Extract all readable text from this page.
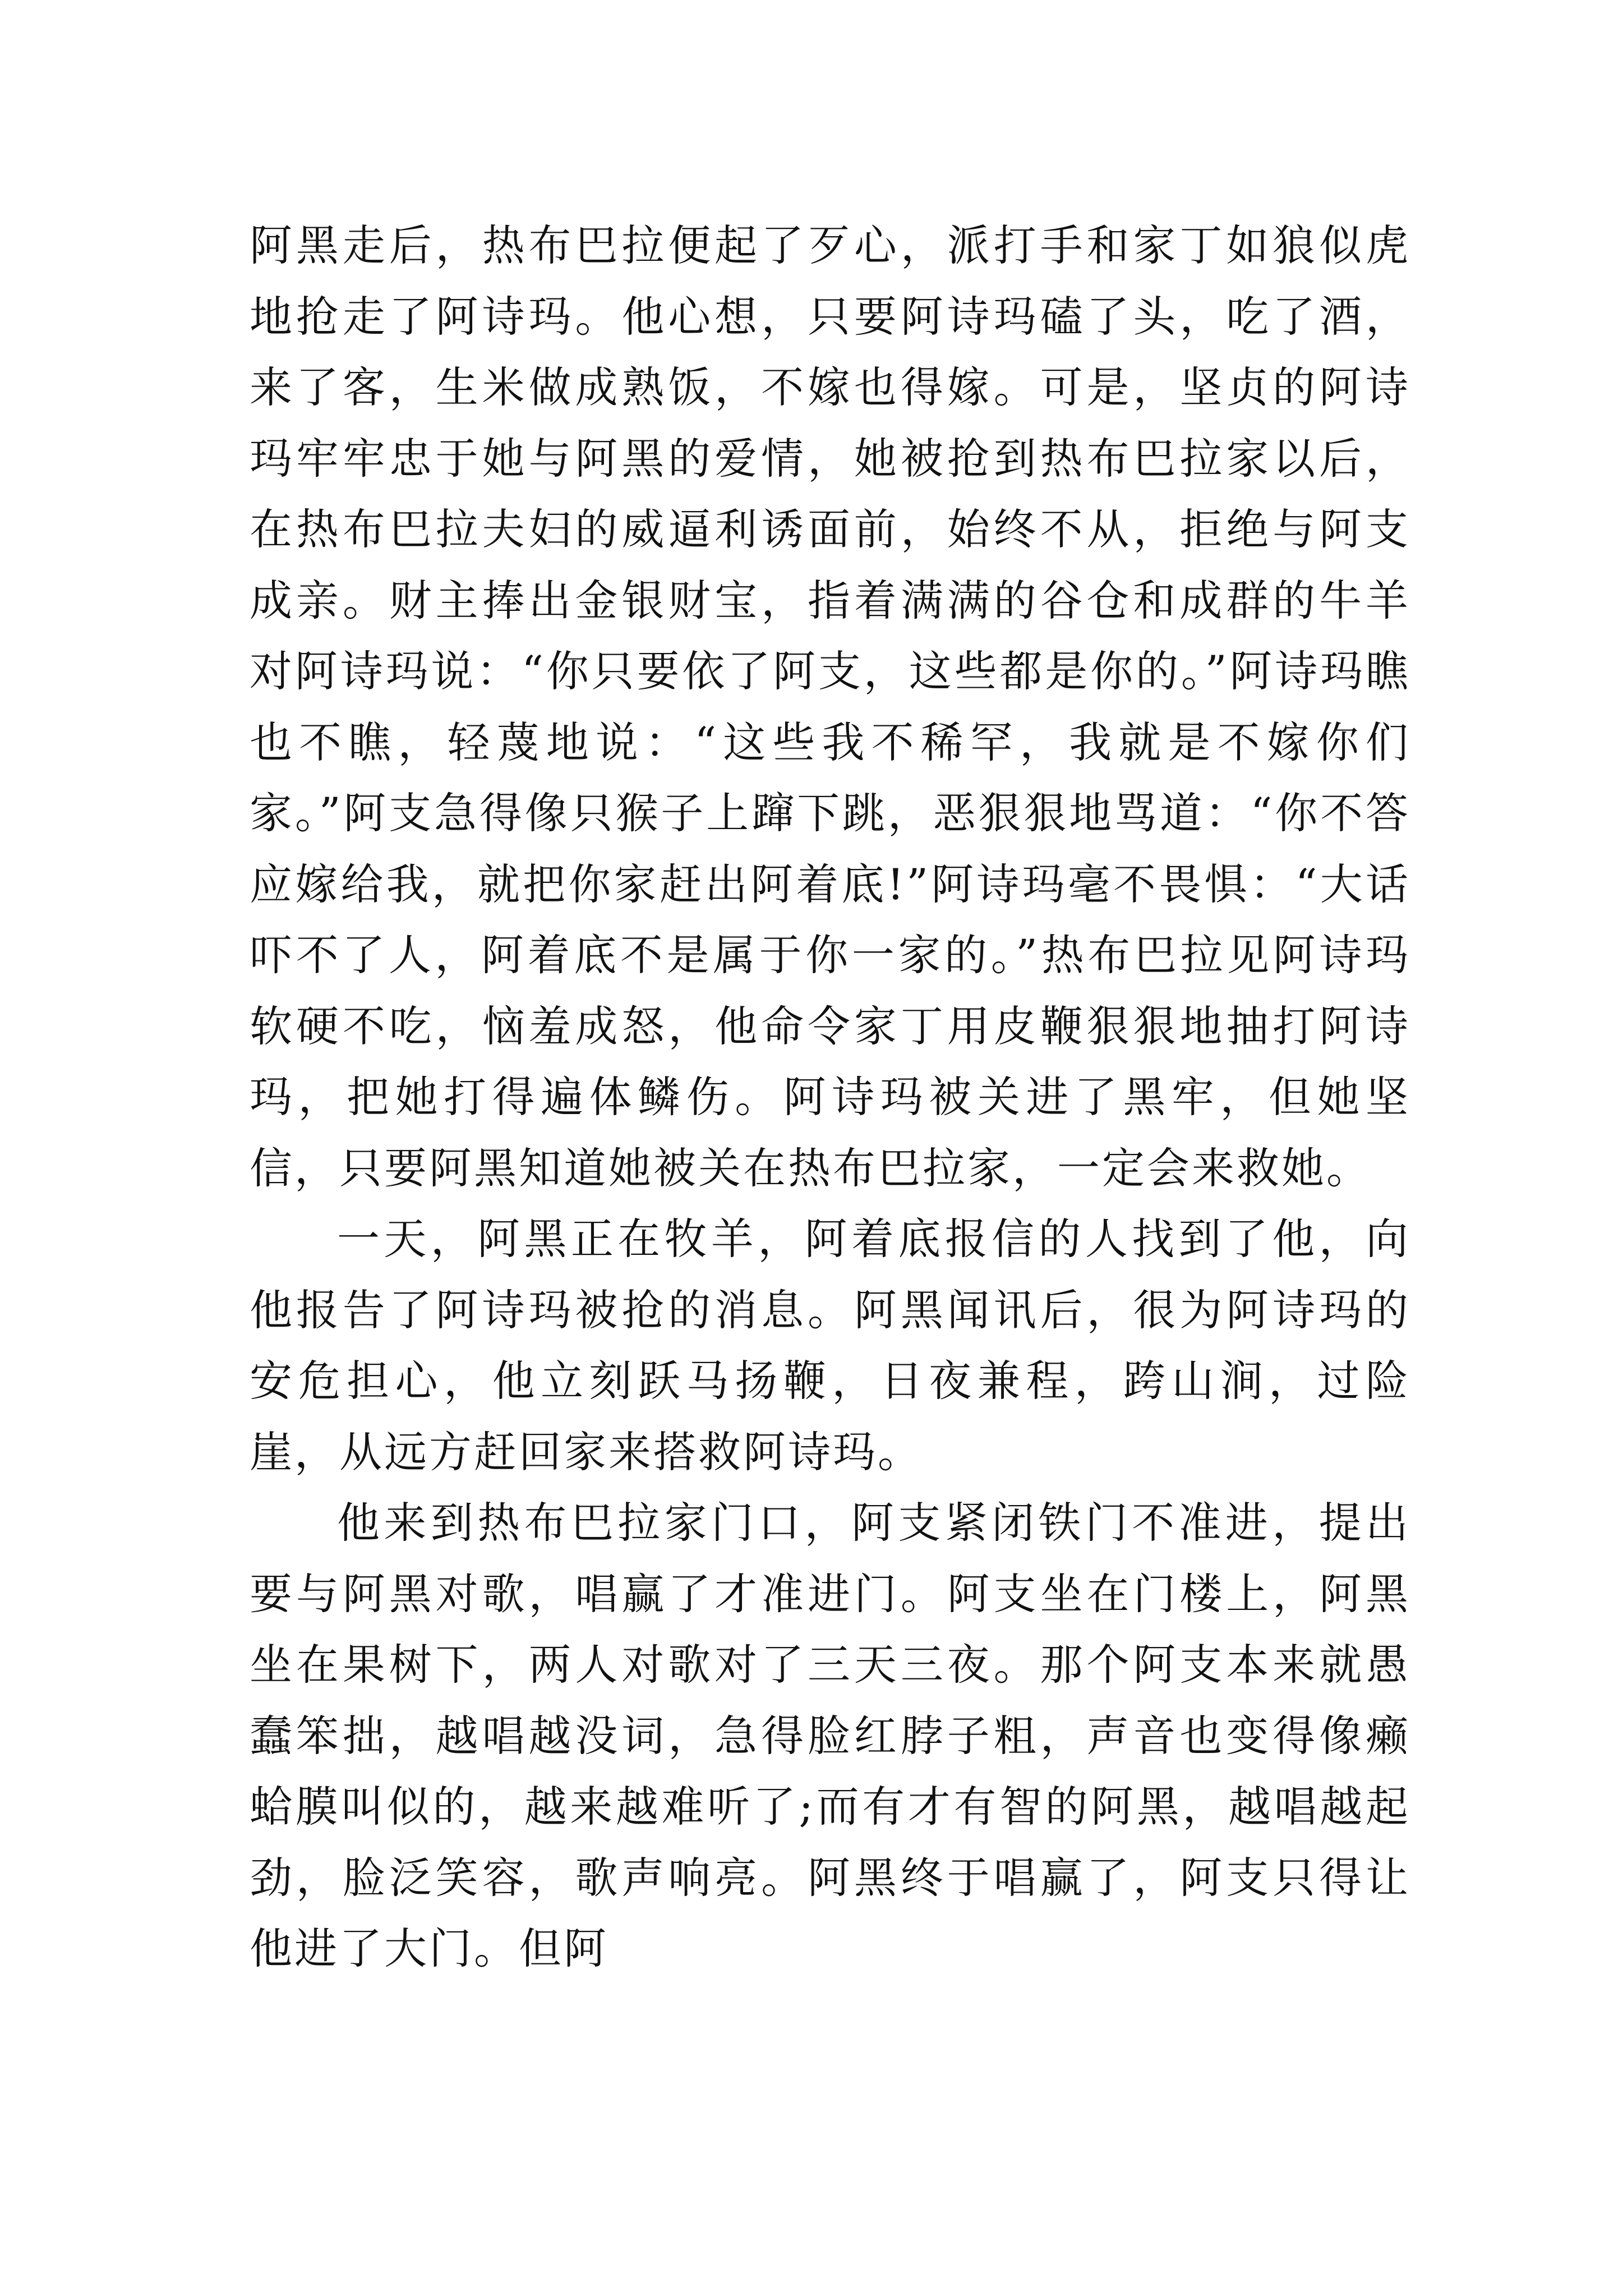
阿黑走后，热布巴拉便起了歹心，派打手和家丁如狼似虎地抢走了阿诗玛。他心想，只要阿诗玛磕了头，吃了酒，来了客，生米做成熟饭，不嫁也得嫁。可是，坚贞的阿诗玛牢牢忠于她与阿黑的爱情，她被抢到热布巴拉家以后，在热布巴拉夫妇的威逼利诱面前，始终不从，拒绝与阿支成亲。财主捧出金银财宝，指着满满的谷仓和成群的牛羊对阿诗玛说：“你只要依了阿支，这些都是你的。”阿诗玛瞧也不瞧，轻蔑地说：“这些我不稀罕，我就是不嫁你们家。”阿支急得像只猴子上蹿下跳，恶狠狠地骂道：“你不答应嫁给我，就把你家赶出阿着底!”阿诗玛毫不畏惧：“大话吓不了人，阿着底不是属于你一家的。”热布巴拉见阿诗玛软硬不吃，恼羞成怒，他命令家丁用皮鞭狠狠地抽打阿诗玛，把她打得遍体鳞伤。阿诗玛被关进了黑牢，但她坚信，只要阿黑知道她被关在热布巴拉家，一定会来救她。

一天，阿黑正在牧羊，阿着底报信的人找到了他，向他报告了阿诗玛被抢的消息。阿黑闻讯后，很为阿诗玛的安危担心，他立刻跃马扬鞭，日夜兼程，跨山涧，过险崖，从远方赶回家来搭救阿诗玛。

他来到热布巴拉家门口，阿支紧闭铁门不准进，提出要与阿黑对歌，唱赢了才准进门。阿支坐在门楼上，阿黑坐在果树下，两人对歌对了三天三夜。那个阿支本来就愚蠢笨拙，越唱越没词，急得脸红脖子粗，声音也变得像癞蛤膜叫似的，越来越难听了;而有才有智的阿黑，越唱越起劲，脸泛笑容，歌声响亮。阿黑终于唱赢了，阿支只得让他进了大门。但阿
